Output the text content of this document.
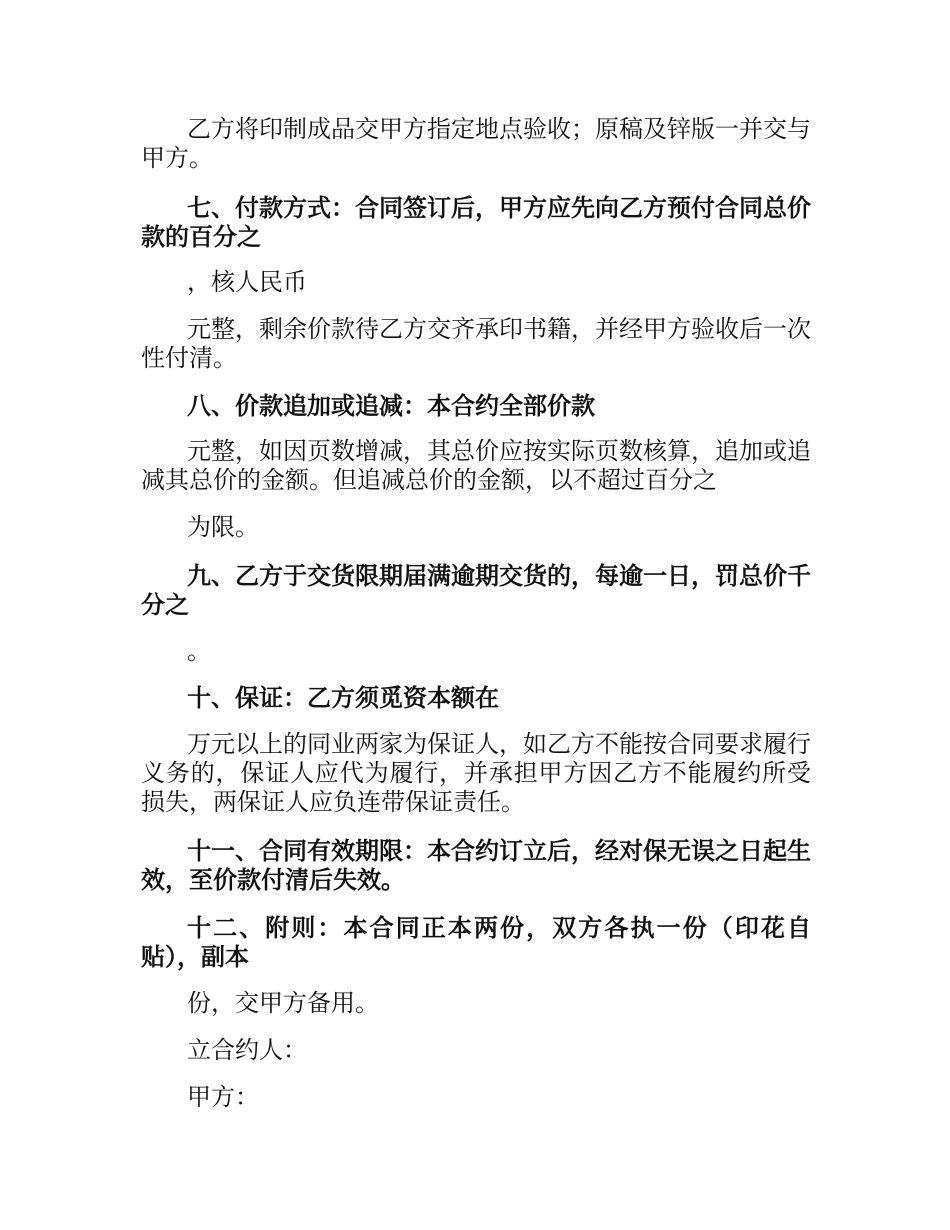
乙方将印制成品交甲方指定地点验收；原稿及锌版一并交与甲方。

七、付款方式：合同签订后，甲方应先向乙方预付合同总价款的百分之

，核人民币

元整，剩余价款待乙方交齐承印书籍，并经甲方验收后一次性付清。

八、价款追加或追减：本合约全部价款

元整，如因页数增减，其总价应按实际页数核算，追加或追减其总价的金额。但追减总价的金额，以不超过百分之

为限。

九、乙方于交货限期届满逾期交货的，每逾一日，罚总价千分之

。

十、保证：乙方须觅资本额在

万元以上的同业两家为保证人，如乙方不能按合同要求履行义务的，保证人应代为履行，并承担甲方因乙方不能履约所受损失，两保证人应负连带保证责任。

十一、合同有效期限：本合约订立后，经对保无误之日起生效，至价款付清后失效。

十二、附则：本合同正本两份，双方各执一份（印花自贴），副本

份，交甲方备用。

立合约人：

甲方：
